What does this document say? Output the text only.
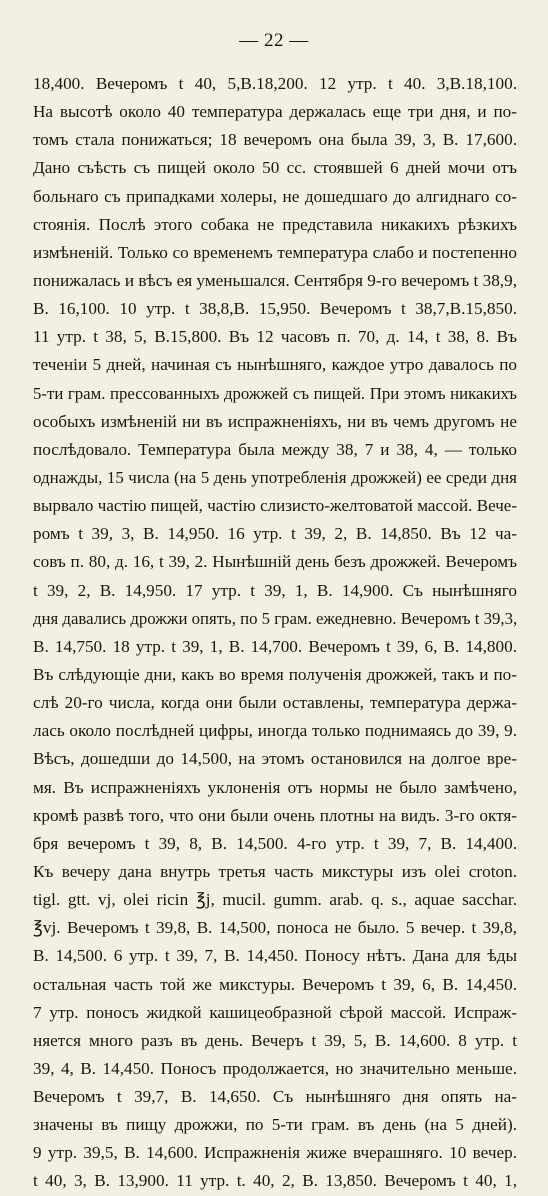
— 22 —
18,400. Вечеромъ t 40, 5,В.18,200. 12 утр. t 40. 3,В.18,100.
На высотѣ около 40 температура держалась еще три дня, и по-
томъ стала понижаться; 18 вечеромъ она была 39, 3, В. 17,600.
Дано съѣсть съ пищей около 50 сс. стоявшей 6 дней мочи отъ
больнаго съ припадками холеры, не дошедшаго до алгиднаго со-
стоянія. Послѣ этого собака не представила никакихъ рѣзкихъ
измѣненій. Только со временемъ температура слабо и постепенно
понижалась и вѣсъ ея уменьшался. Сентября 9-го вечеромъ t 38,9,
В. 16,100. 10 утр. t 38,8,В. 15,950. Вечеромъ t 38,7,В.15,850.
11 утр. t 38, 5, В.15,800. Въ 12 часовъ п. 70, д. 14, t 38, 8. Въ
теченіи 5 дней, начиная съ нынѣшняго, каждое утро давалось по
5-ти грам. прессованныхъ дрожжей съ пищей. При этомъ никакихъ
особыхъ измѣненій ни въ испражненіяхъ, ни въ чемъ другомъ не
послѣдовало. Температура была между 38, 7 и 38, 4, — только
однажды, 15 числа (на 5 день употребленія дрожжей) ее среди дня
вырвало частію пищей, частію слизисто-желтоватой массой. Вече-
ромъ t 39, 3, В. 14,950. 16 утр. t 39, 2, В. 14,850. Въ 12 ча-
совъ п. 80, д. 16, t 39, 2. Нынѣшній день безъ дрожжей. Вечеромъ
t 39, 2, В. 14,950. 17 утр. t 39, 1, В. 14,900. Съ нынѣшняго
дня давались дрожжи опять, по 5 грам. ежедневно. Вечеромъ t 39,3,
В. 14,750. 18 утр. t 39, 1, В. 14,700. Вечеромъ t 39, 6, В. 14,800.
Въ слѣдующіе дни, какъ во время полученія дрожжей, такъ и по-
слѣ 20-го числа, когда они были оставлены, температура держа-
лась около послѣдней цифры, иногда только поднимаясь до 39, 9.
Вѣсъ, дошедши до 14,500, на этомъ остановился на долгое вре-
мя. Въ испражненіяхъ уклоненія отъ нормы не было замѣчено,
кромѣ развѣ того, что они были очень плотны на видъ. 3-го октя-
бря вечеромъ t 39, 8, В. 14,500. 4-го утр. t 39, 7, В. 14,400.
Къ вечеру дана внутрь третья часть микстуры изъ olei croton.
tigl. gtt. vj, olei ricin ℥j, mucil. gumm. arab. q. s., aquae sacchar.
℥vj. Вечеромъ t 39,8, В. 14,500, поноса не было. 5 вечер. t 39,8,
В. 14,500. 6 утр. t 39, 7, В. 14,450. Поносу нѣтъ. Дана для ѣды
остальная часть той же микстуры. Вечеромъ t 39, 6, В. 14,450.
7 утр. поносъ жидкой кашицеобразной сѣрой массой. Испраж-
няется много разъ въ день. Вечеръ t 39, 5, В. 14,600. 8 утр. t
39, 4, В. 14,450. Поносъ продолжается, но значительно меньше.
Вечеромъ t 39,7, В. 14,650. Съ нынѣшняго дня опять на-
значены въ пищу дрожжи, по 5-ти грам. въ день (на 5 дней).
9 утр. 39,5, В. 14,600. Испражненія жиже вчерашняго. 10 вечер.
t 40, 3, В. 13,900. 11 утр. t. 40, 2, В. 13,850. Вечеромъ t 40, 1,
